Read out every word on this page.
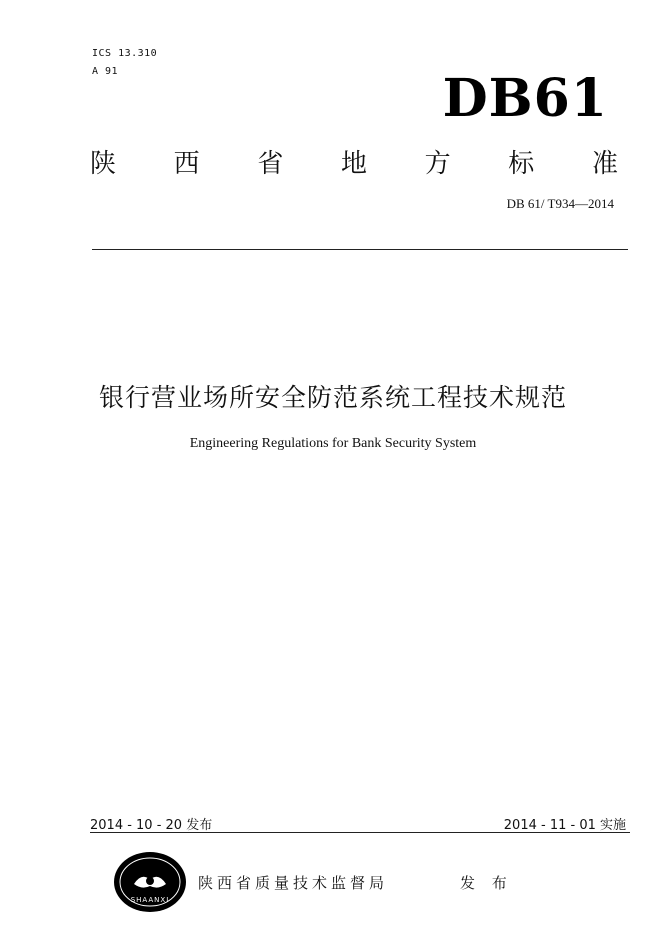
ICS 13.310
A 91	DB61
陕 西 省 地 方 标 准
DB 61/ T934—2014
银行营业场所安全防范系统工程技术规范
Engineering Regulations for Bank Security System
2014 - 10 - 20 发布	2014 - 11 - 01 实施
SHAANXI
陕西省质量技术监督局	发 布
